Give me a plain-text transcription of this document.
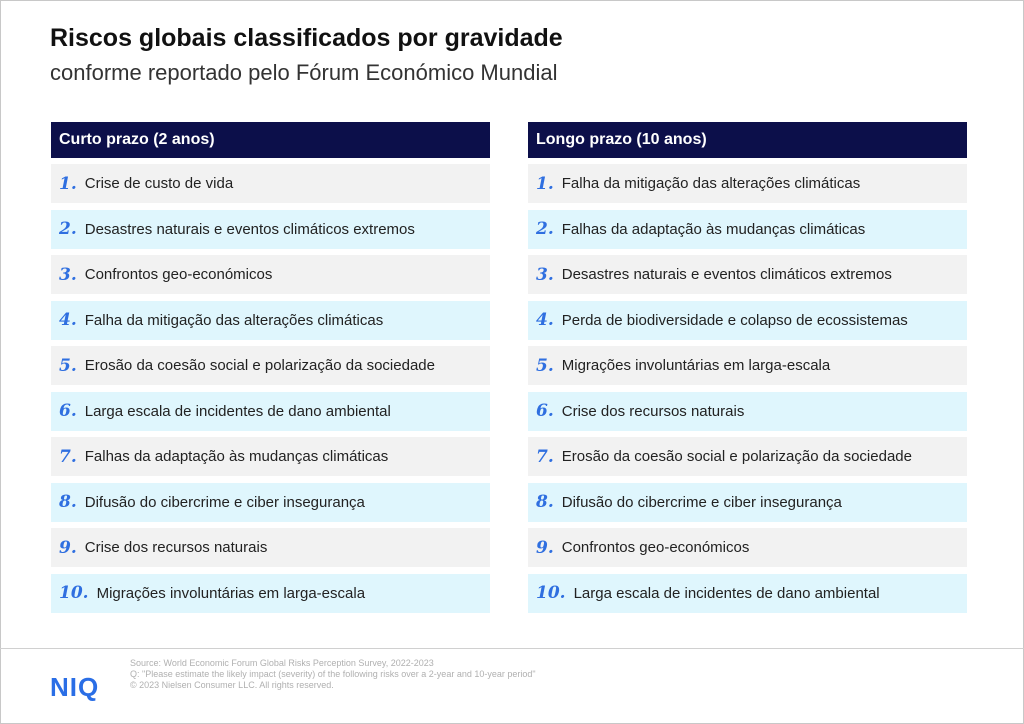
Riscos globais classificados por gravidade
conforme reportado pelo Fórum Económico Mundial
Curto prazo (2 anos)
1. Crise de custo de vida
2. Desastres naturais e eventos climáticos extremos
3. Confrontos geo-económicos
4. Falha da mitigação das alterações climáticas
5. Erosão da coesão social e polarização da sociedade
6. Larga escala de incidentes de dano ambiental
7. Falhas da adaptação às mudanças climáticas
8. Difusão do cibercrime e ciber insegurança
9. Crise dos recursos naturais
10. Migrações involuntárias em larga-escala
Longo prazo (10 anos)
1. Falha da mitigação das alterações climáticas
2. Falhas da adaptação às mudanças climáticas
3. Desastres naturais e eventos climáticos extremos
4. Perda de biodiversidade e colapso de ecossistemas
5. Migrações involuntárias em larga-escala
6. Crise dos recursos naturais
7. Erosão da coesão social e polarização da sociedade
8. Difusão do cibercrime e ciber insegurança
9. Confrontos geo-económicos
10. Larga escala de incidentes de dano ambiental
NIQ
Source: World Economic Forum Global Risks Perception Survey, 2022-2023
Q: "Please estimate the likely impact (severity) of the following risks over a 2-year and 10-year period"
© 2023 Nielsen Consumer LLC. All rights reserved.
